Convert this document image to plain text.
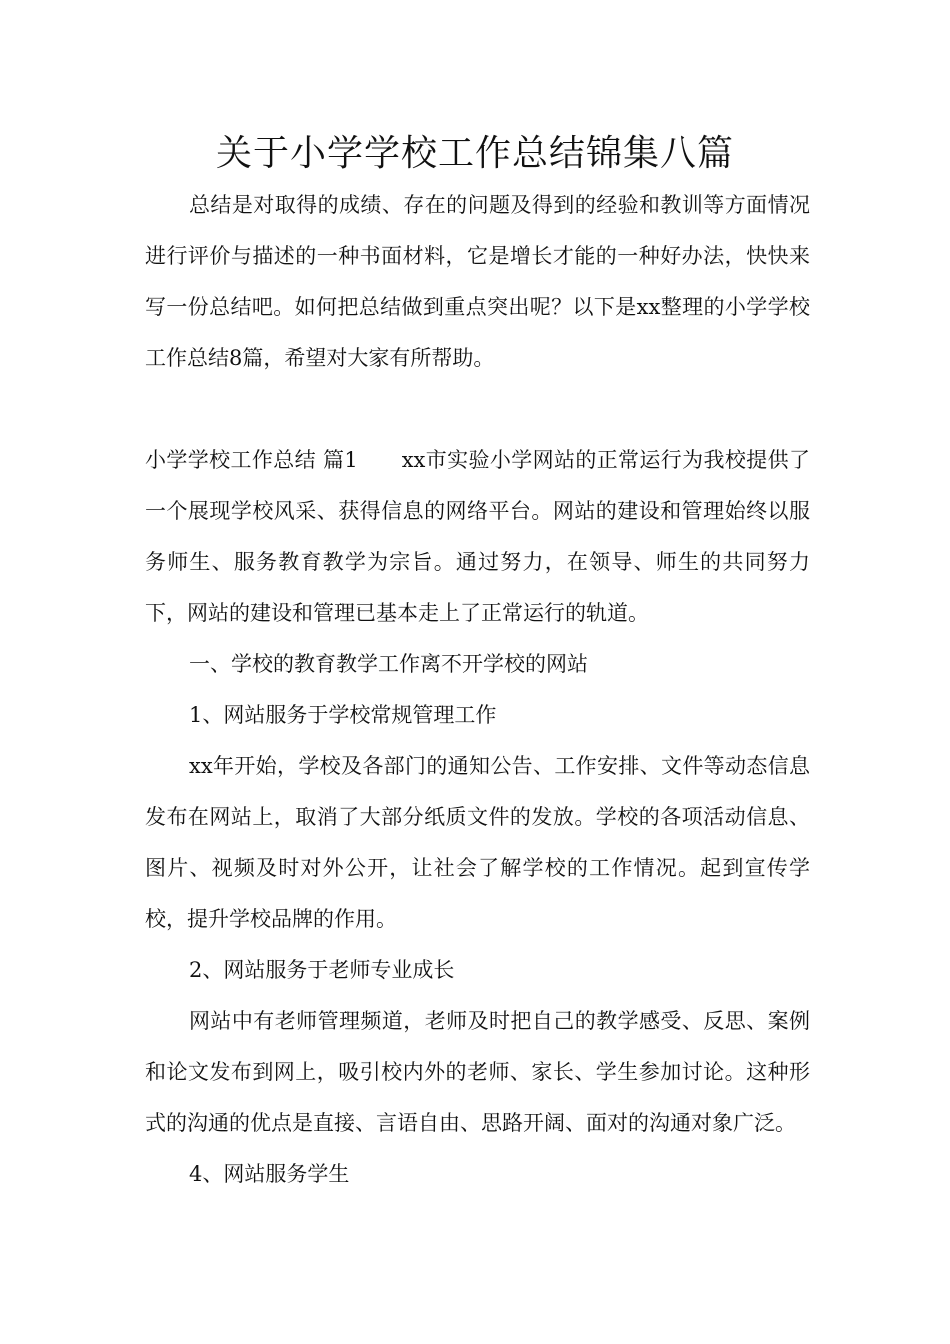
关于小学学校工作总结锦集八篇

总结是对取得的成绩、存在的问题及得到的经验和教训等方面情况进行评价与描述的一种书面材料，它是增长才能的一种好办法，快快来写一份总结吧。如何把总结做到重点突出呢？以下是xx整理的小学学校工作总结8篇，希望对大家有所帮助。

小学学校工作总结 篇1 xx市实验小学网站的正常运行为我校提供了一个展现学校风采、获得信息的网络平台。网站的建设和管理始终以服务师生、服务教育教学为宗旨。通过努力，在领导、师生的共同努力下，网站的建设和管理已基本走上了正常运行的轨道。

一、学校的教育教学工作离不开学校的网站

1、网站服务于学校常规管理工作

xx年开始，学校及各部门的通知公告、工作安排、文件等动态信息发布在网站上，取消了大部分纸质文件的发放。学校的各项活动信息、图片、视频及时对外公开，让社会了解学校的工作情况。起到宣传学校，提升学校品牌的作用。

2、网站服务于老师专业成长

网站中有老师管理频道，老师及时把自己的教学感受、反思、案例和论文发布到网上，吸引校内外的老师、家长、学生参加讨论。这种形式的沟通的优点是直接、言语自由、思路开阔、面对的沟通对象广泛。

4、网站服务学生
